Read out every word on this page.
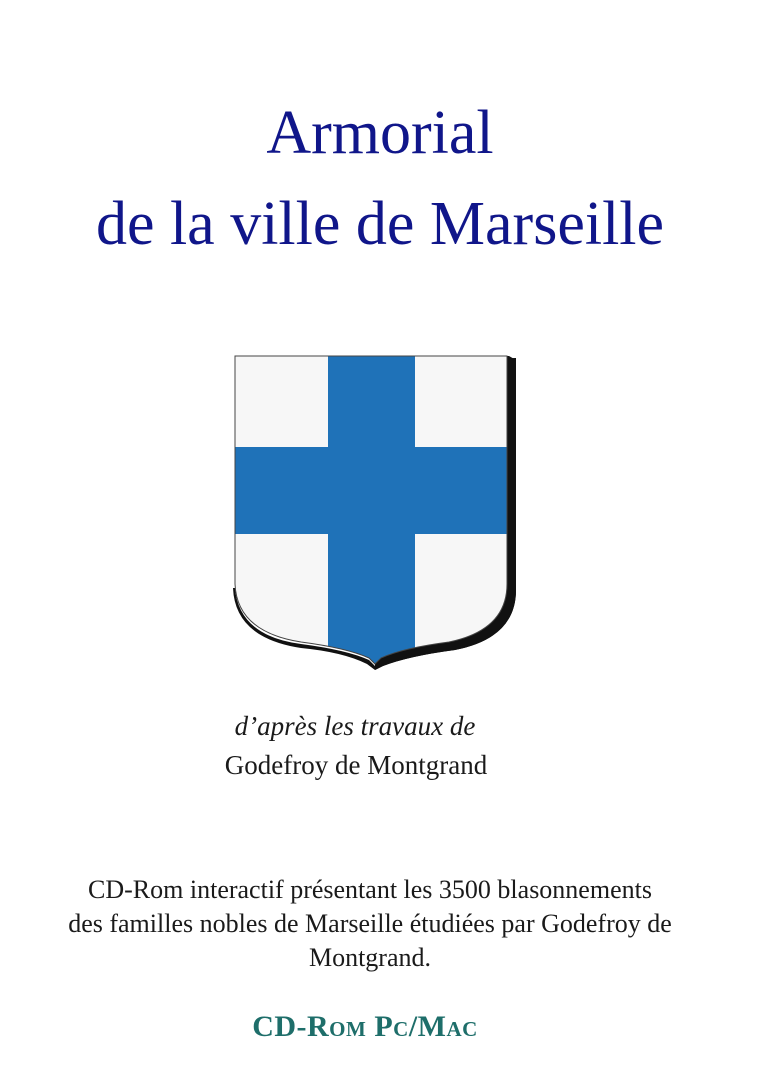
Armorial
de la ville de Marseille
d’après les travaux de
Godefroy de Montgrand
CD-Rom interactif présentant les 3500 blasonnements
des familles nobles de Marseille étudiées par Godefroy de
Montgrand.
CD-Rom Pc/Mac
